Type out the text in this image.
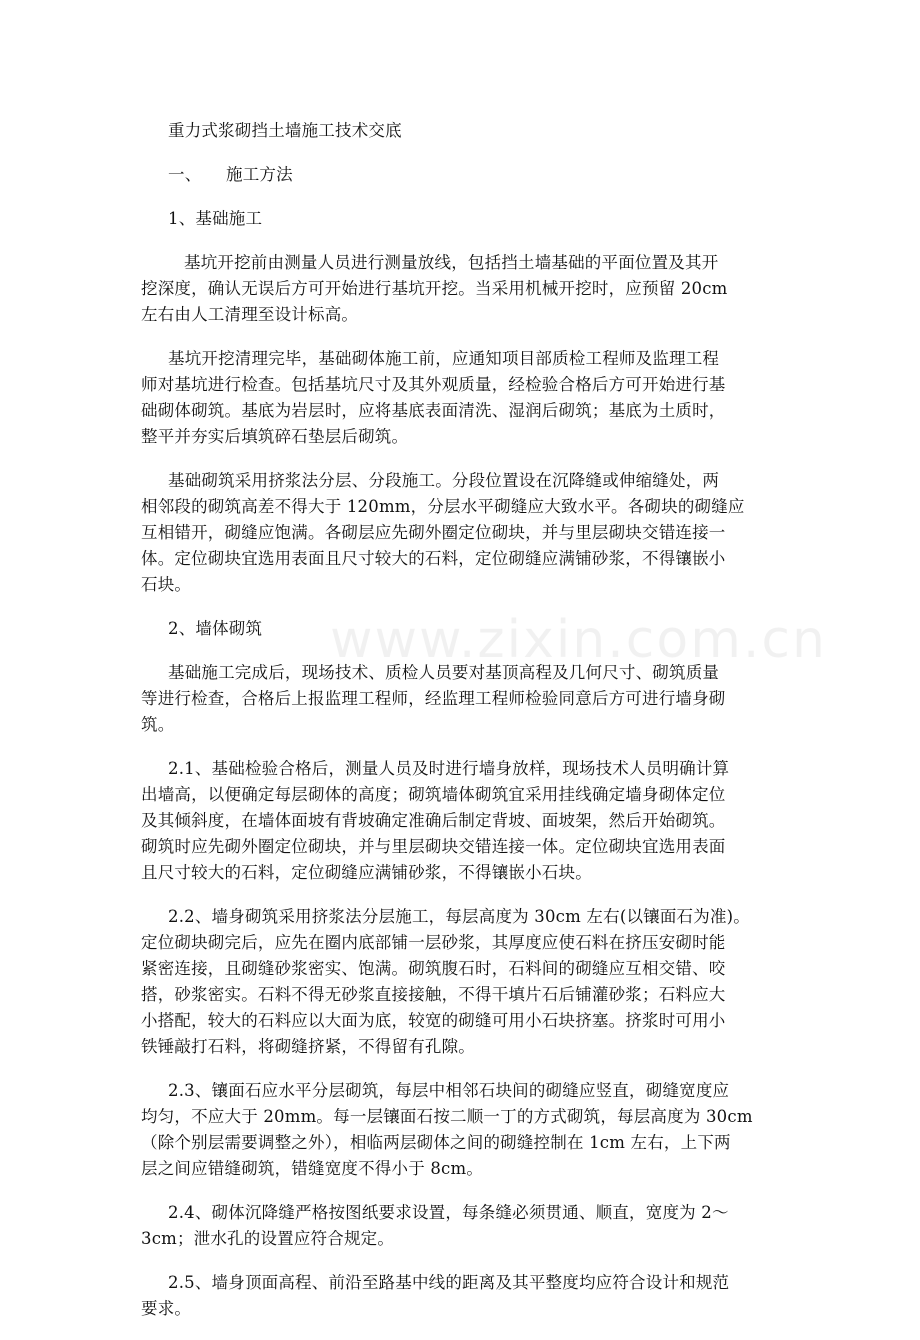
www.zixin.com.cn
重力式浆砌挡土墙施工技术交底
一、 施工方法
1、基础施工
基坑开挖前由测量人员进行测量放线，包括挡土墙基础的平面位置及其开
挖深度，确认无误后方可开始进行基坑开挖。当采用机械开挖时，应预留 20cm
左右由人工清理至设计标高。
基坑开挖清理完毕，基础砌体施工前，应通知项目部质检工程师及监理工程
师对基坑进行检查。包括基坑尺寸及其外观质量，经检验合格后方可开始进行基
础砌体砌筑。基底为岩层时，应将基底表面清洗、湿润后砌筑；基底为土质时，
整平并夯实后填筑碎石垫层后砌筑。
基础砌筑采用挤浆法分层、分段施工。分段位置设在沉降缝或伸缩缝处，两
相邻段的砌筑高差不得大于 120mm，分层水平砌缝应大致水平。各砌块的砌缝应
互相错开，砌缝应饱满。各砌层应先砌外圈定位砌块，并与里层砌块交错连接一
体。定位砌块宜选用表面且尺寸较大的石料，定位砌缝应满铺砂浆，不得镶嵌小
石块。
2、墙体砌筑
基础施工完成后，现场技术、质检人员要对基顶高程及几何尺寸、砌筑质量
等进行检查，合格后上报监理工程师，经监理工程师检验同意后方可进行墙身砌
筑。
2.1、基础检验合格后，测量人员及时进行墙身放样，现场技术人员明确计算
出墙高，以便确定每层砌体的高度；砌筑墙体砌筑宜采用挂线确定墙身砌体定位
及其倾斜度，在墙体面坡有背坡确定准确后制定背坡、面坡架，然后开始砌筑。
砌筑时应先砌外圈定位砌块，并与里层砌块交错连接一体。定位砌块宜选用表面
且尺寸较大的石料，定位砌缝应满铺砂浆，不得镶嵌小石块。
2.2、墙身砌筑采用挤浆法分层施工，每层高度为 30cm 左右(以镶面石为准)。
定位砌块砌完后，应先在圈内底部铺一层砂浆，其厚度应使石料在挤压安砌时能
紧密连接，且砌缝砂浆密实、饱满。砌筑腹石时，石料间的砌缝应互相交错、咬
搭，砂浆密实。石料不得无砂浆直接接触，不得干填片石后铺灌砂浆；石料应大
小搭配，较大的石料应以大面为底，较宽的砌缝可用小石块挤塞。挤浆时可用小
铁锤敲打石料，将砌缝挤紧，不得留有孔隙。
2.3、镶面石应水平分层砌筑，每层中相邻石块间的砌缝应竖直，砌缝宽度应
均匀，不应大于 20mm。每一层镶面石按二顺一丁的方式砌筑，每层高度为 30cm
（除个别层需要调整之外），相临两层砌体之间的砌缝控制在 1cm 左右，上下两
层之间应错缝砌筑，错缝宽度不得小于 8cm。
2.4、砌体沉降缝严格按图纸要求设置，每条缝必须贯通、顺直，宽度为 2～
3cm；泄水孔的设置应符合规定。
2.5、墙身顶面高程、前沿至路基中线的距离及其平整度均应符合设计和规范
要求。
